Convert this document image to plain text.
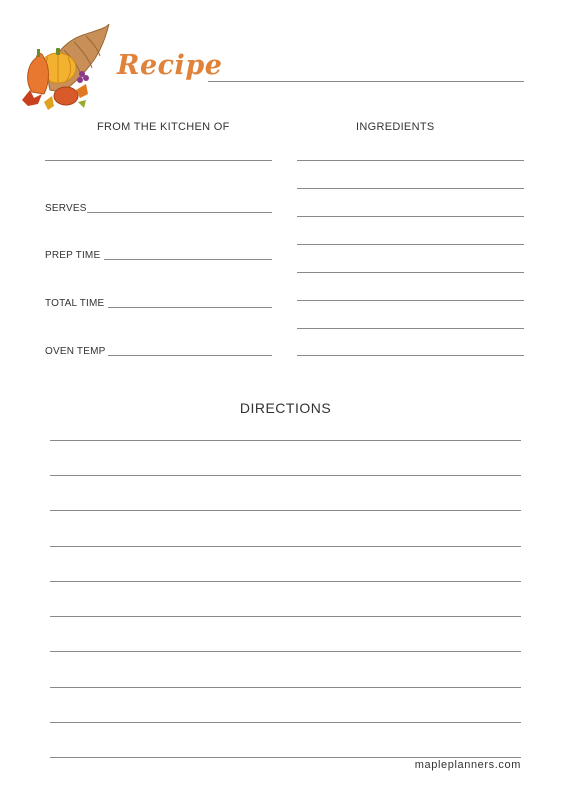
Recipe
FROM THE KITCHEN OF
SERVES
PREP TIME
TOTAL TIME
OVEN TEMP
INGREDIENTS
DIRECTIONS
mapleplanners.com
